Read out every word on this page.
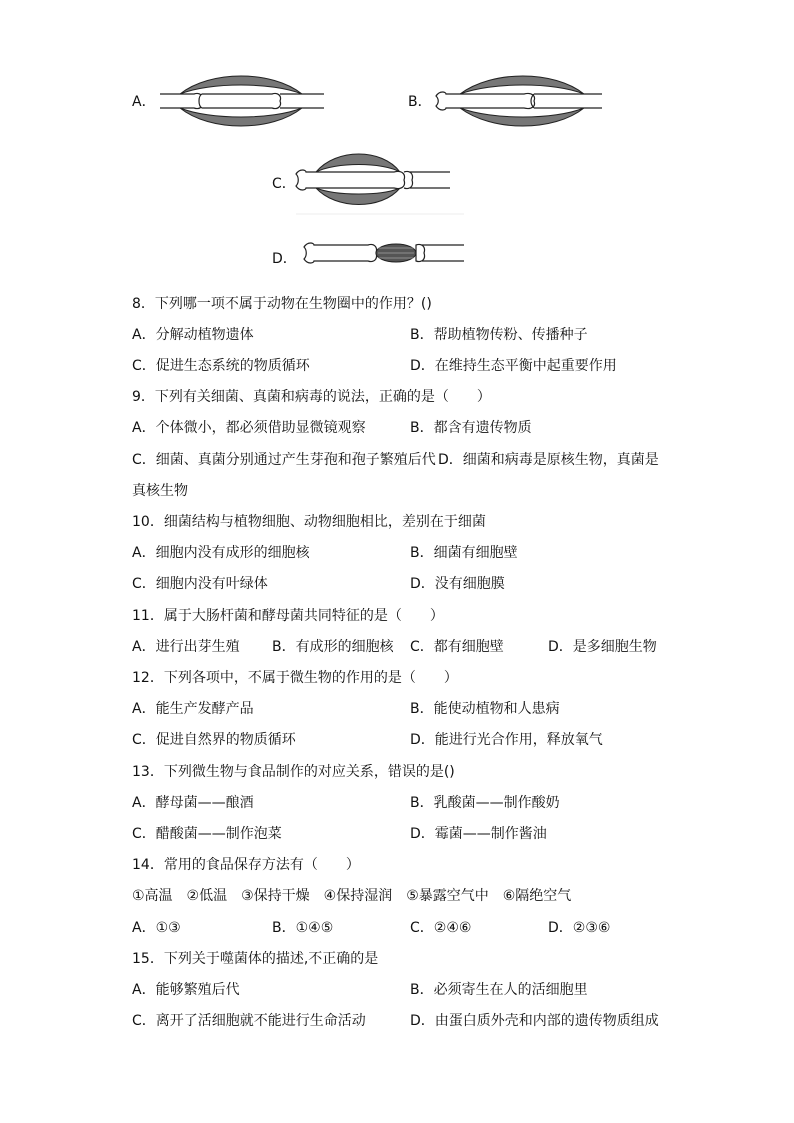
A．	B．
C．
D．
8．下列哪一项不属于动物在生物圈中的作用？()
A．分解动植物遗体	B．帮助植物传粉、传播种子
C．促进生态系统的物质循环	D．在维持生态平衡中起重要作用
9．下列有关细菌、真菌和病毒的说法，正确的是（　　）
A．个体微小，都必须借助显微镜观察	B．都含有遗传物质
C．细菌、真菌分别通过产生芽孢和孢子繁殖后代 D．细菌和病毒是原核生物，真菌是
真核生物
10．细菌结构与植物细胞、动物细胞相比，差别在于细菌
A．细胞内没有成形的细胞核	B．细菌有细胞壁
C．细胞内没有叶绿体	D．没有细胞膜
11．属于大肠杆菌和酵母菌共同特征的是（　　）
A．进行出芽生殖 B．有成形的细胞核 C．都有细胞壁	D．是多细胞生物
12．下列各项中，不属于微生物的作用的是（　　）
A．能生产发酵产品	B．能使动植物和人患病
C．促进自然界的物质循环	D．能进行光合作用，释放氧气
13．下列微生物与食品制作的对应关系，错误的是()
A．酵母菌——酿酒	B．乳酸菌——制作酸奶
C．醋酸菌——制作泡菜	D．霉菌——制作酱油
14．常用的食品保存方法有（　　）
①高温　②低温　③保持干燥　④保持湿润　⑤暴露空气中　⑥隔绝空气
A．①③	B．①④⑤	C．②④⑥	D．②③⑥
15．下列关于噬菌体的描述,不正确的是
A．能够繁殖后代	B．必须寄生在人的活细胞里
C．离开了活细胞就不能进行生命活动	D．由蛋白质外壳和内部的遗传物质组成
